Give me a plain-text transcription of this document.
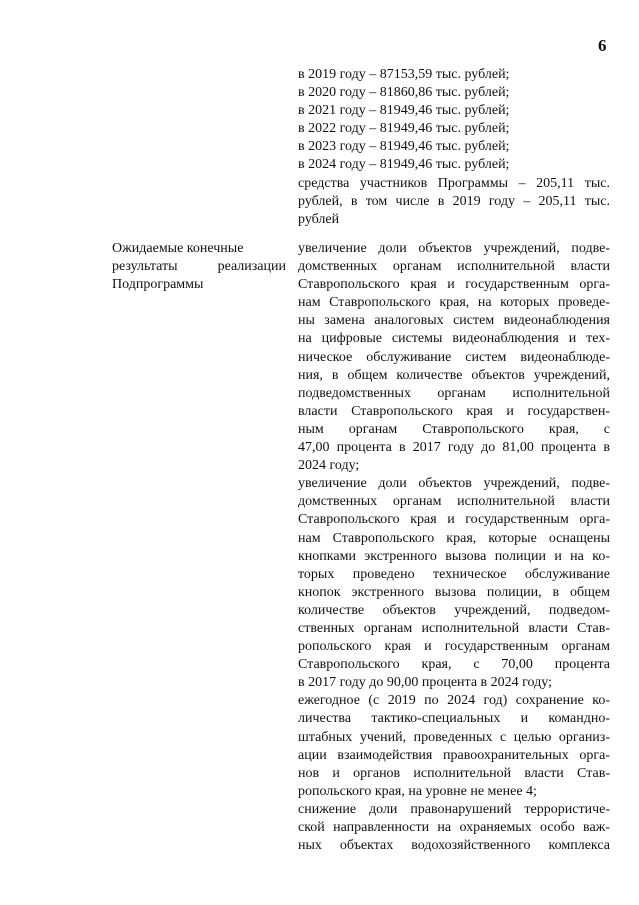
6
в 2019 году – 87153,59 тыс. рублей;
в 2020 году – 81860,86 тыс. рублей;
в 2021 году – 81949,46 тыс. рублей;
в 2022 году – 81949,46 тыс. рублей;
в 2023 году – 81949,46 тыс. рублей;
в 2024 году – 81949,46 тыс. рублей;
средства участников Программы – 205,11 тыс.
рублей, в том числе в 2019 году – 205,11 тыс.
рублей
Ожидаемые конечные
результаты реализации
Подпрограммы
увеличение доли объектов учреждений, подве-
домственных органам исполнительной власти
Ставропольского края и государственным орга-
нам Ставропольского края, на которых проведе-
ны замена аналоговых систем видеонаблюдения
на цифровые системы видеонаблюдения и тех-
ническое обслуживание систем видеонаблюде-
ния, в общем количестве объектов учреждений,
подведомственных органам исполнительной
власти Ставропольского края и государствен-
ным органам Ставропольского края, с
47,00 процента в 2017 году до 81,00 процента в
2024 году;
увеличение доли объектов учреждений, подве-
домственных органам исполнительной власти
Ставропольского края и государственным орга-
нам Ставропольского края, которые оснащены
кнопками экстренного вызова полиции и на ко-
торых проведено техническое обслуживание
кнопок экстренного вызова полиции, в общем
количестве объектов учреждений, подведом-
ственных органам исполнительной власти Став-
ропольского края и государственным органам
Ставропольского края, с 70,00 процента
в 2017 году до 90,00 процента в 2024 году;
ежегодное (с 2019 по 2024 год) сохранение ко-
личества тактико-специальных и командно-
штабных учений, проведенных с целью организ-
ации взаимодействия правоохранительных орга-
нов и органов исполнительной власти Став-
ропольского края, на уровне не менее 4;
снижение доли правонарушений террористиче-
ской направленности на охраняемых особо важ-
ных объектах водохозяйственного комплекса
